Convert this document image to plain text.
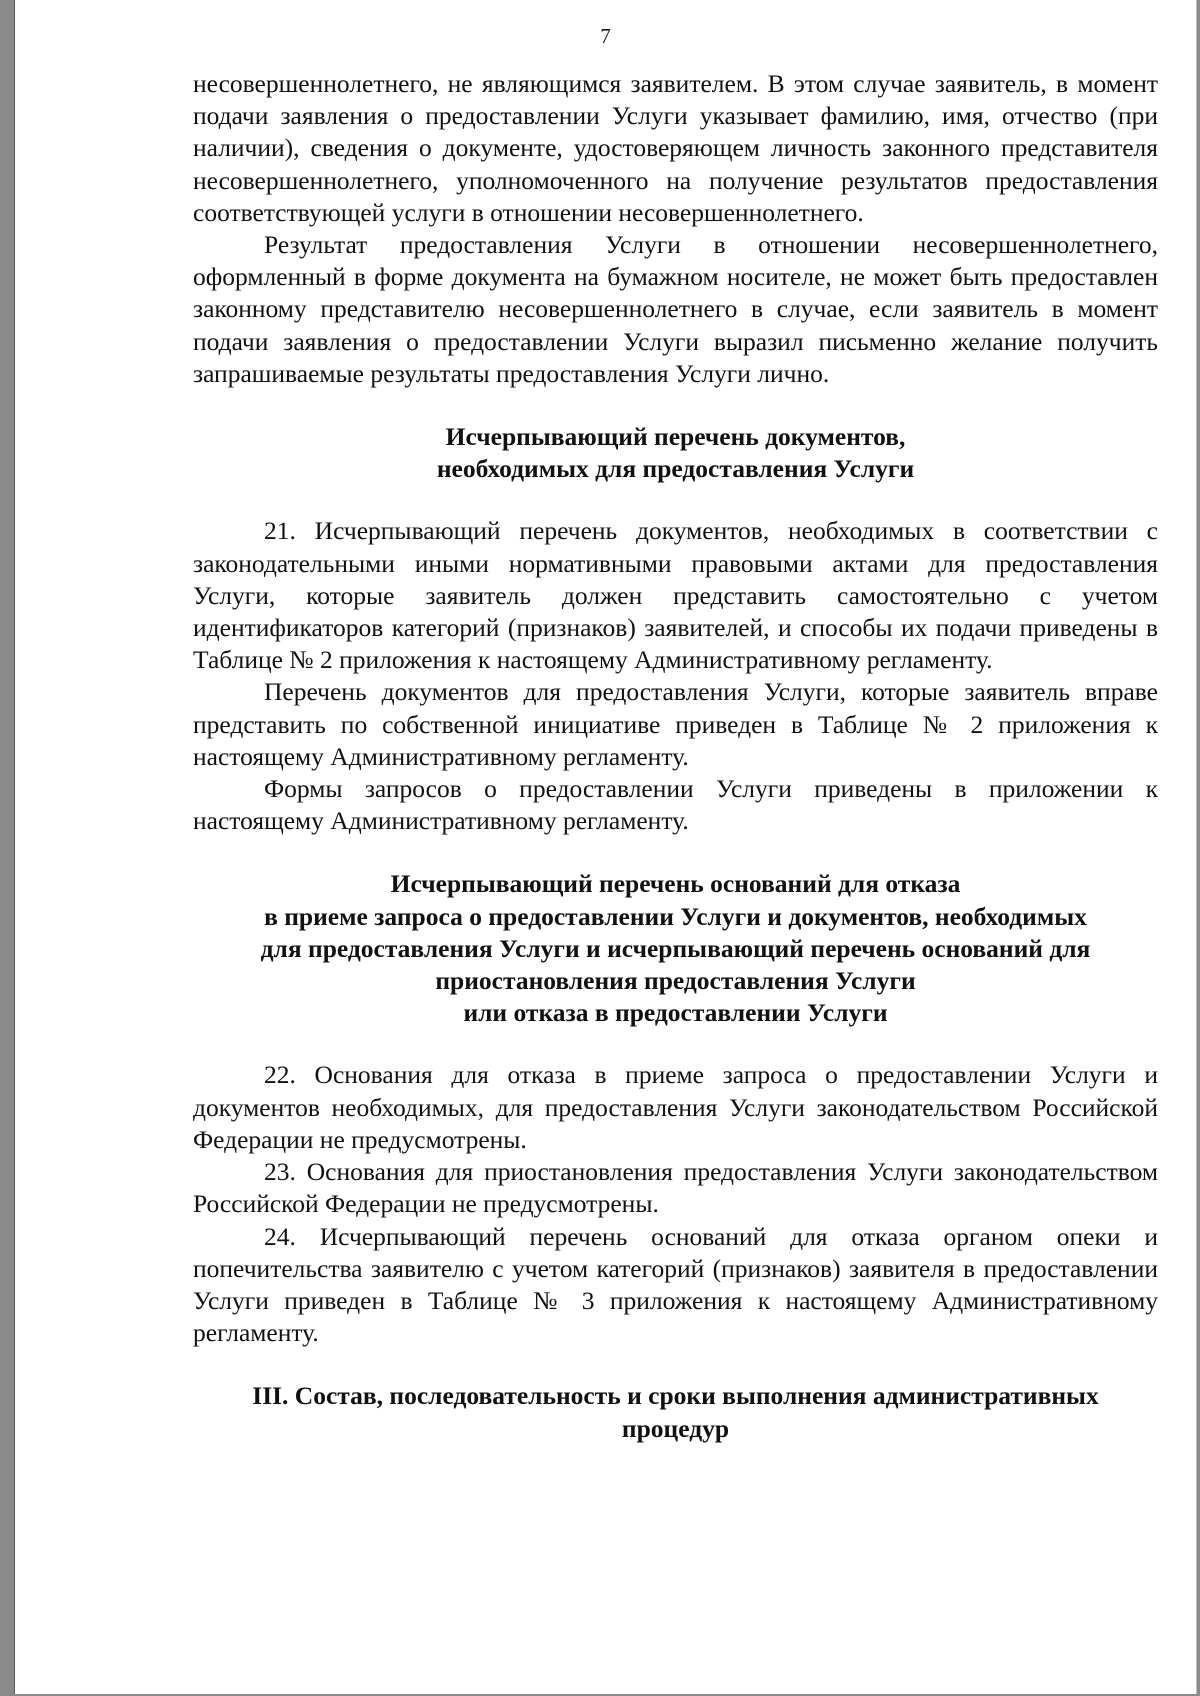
7

несовершеннолетнего, не являющимся заявителем. В этом случае заявитель, в момент подачи заявления о предоставлении Услуги указывает фамилию, имя, отчество (при наличии), сведения о документе, удостоверяющем личность законного представителя несовершеннолетнего, уполномоченного на получение результатов предоставления соответствующей услуги в отношении несовершеннолетнего.

Результат предоставления Услуги в отношении несовершеннолетнего, оформленный в форме документа на бумажном носителе, не может быть предоставлен законному представителю несовершеннолетнего в случае, если заявитель в момент подачи заявления о предоставлении Услуги выразил письменно желание получить запрашиваемые результаты предоставления Услуги лично.

Исчерпывающий перечень документов,
необходимых для предоставления Услуги

21. Исчерпывающий перечень документов, необходимых в соответствии с законодательными иными нормативными правовыми актами для предоставления Услуги, которые заявитель должен представить самостоятельно с учетом идентификаторов категорий (признаков) заявителей, и способы их подачи приведены в Таблице № 2 приложения к настоящему Административному регламенту.

Перечень документов для предоставления Услуги, которые заявитель вправе представить по собственной инициативе приведен в Таблице № 2 приложения к настоящему Административному регламенту.

Формы запросов о предоставлении Услуги приведены в приложении к настоящему Административному регламенту.

Исчерпывающий перечень оснований для отказа
в приеме запроса о предоставлении Услуги и документов, необходимых
для предоставления Услуги и исчерпывающий перечень оснований для
приостановления предоставления Услуги
или отказа в предоставлении Услуги

22. Основания для отказа в приеме запроса о предоставлении Услуги и документов необходимых, для предоставления Услуги законодательством Российской Федерации не предусмотрены.

23. Основания для приостановления предоставления Услуги законодательством Российской Федерации не предусмотрены.

24. Исчерпывающий перечень оснований для отказа органом опеки и попечительства заявителю с учетом категорий (признаков) заявителя в предоставлении Услуги приведен в Таблице № 3 приложения к настоящему Административному регламенту.

III. Состав, последовательность и сроки выполнения административных
процедур
